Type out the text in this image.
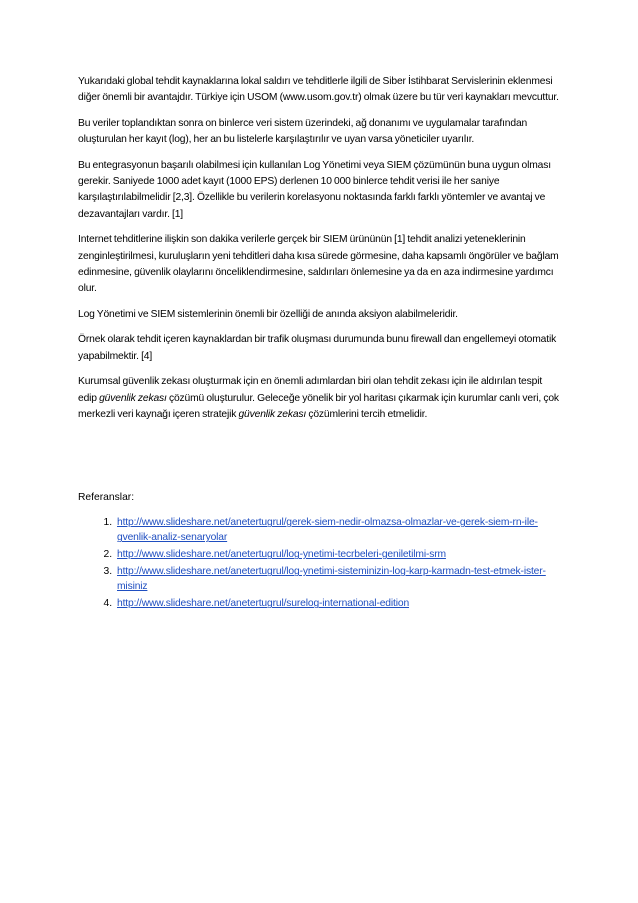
Yukarıdaki global tehdit kaynaklarına lokal saldırı ve tehditlerle ilgili de Siber İstihbarat Servislerinin eklenmesi diğer önemli bir avantajdır. Türkiye için USOM (www.usom.gov.tr) olmak üzere bu tür veri kaynakları mevcuttur.

Bu veriler toplandıktan sonra on binlerce veri sistem üzerindeki, ağ donanımı ve uygulamalar tarafından oluşturulan her kayıt (log), her an bu listelerle karşılaştırılır ve uyan varsa yöneticiler uyarılır.

Bu entegrasyonun başarılı olabilmesi için kullanılan Log Yönetimi veya SIEM çözümünün buna uygun olması gerekir. Saniyede 1000 adet kayıt (1000 EPS) derlenen 10 000 binlerce tehdit verisi ile her saniye karşılaştırılabilmelidir [2,3]. Özellikle bu verilerin korelasyonu noktasında farklı farklı yöntemler ve avantaj ve dezavantajları vardır. [1]

Internet tehditlerine ilişkin son dakika verilerle gerçek bir SIEM ürününün [1] tehdit analizi yeteneklerinin zenginleştirilmesi, kuruluşların yeni tehditleri daha kısa sürede görmesine, daha kapsamlı öngörüler ve bağlam edinmesine, güvenlik olaylarını önceliklendirmesine, saldırıları önlemesine ya da en aza indirmesine yardımcı olur.

Log Yönetimi ve SIEM sistemlerinin önemli bir özelliği de anında aksiyon alabilmeleridir.

Örnek olarak tehdit içeren kaynaklardan bir trafik oluşması durumunda bunu firewall dan engellemeyi otomatik yapabilmektir. [4]

Kurumsal güvenlik zekası oluşturmak için en önemli adımlardan biri olan tehdit zekası için ile aldırılan tespit edip güvenlik zekası çözümü oluşturulur. Geleceğe yönelik bir yol haritası çıkarmak için kurumlar canlı veri, çok merkezli veri kaynağı içeren stratejik güvenlik zekası çözümlerini tercih etmelidir.

Referanslar:
1. http://www.slideshare.net/anetertugrul/gerek-siem-nedir-olmazsa-olmazlar-ve-gerek-siem-rn-ile-gvenlik-analiz-senaryolar
2. http://www.slideshare.net/anetertugrul/log-ynetimi-tecrbeleri-geniletilmi-srm
3. http://www.slideshare.net/anetertugrul/log-ynetimi-sisteminizin-log-karp-karmadn-test-etmek-ister-misiniz
4. http://www.slideshare.net/anetertugrul/surelog-international-edition
